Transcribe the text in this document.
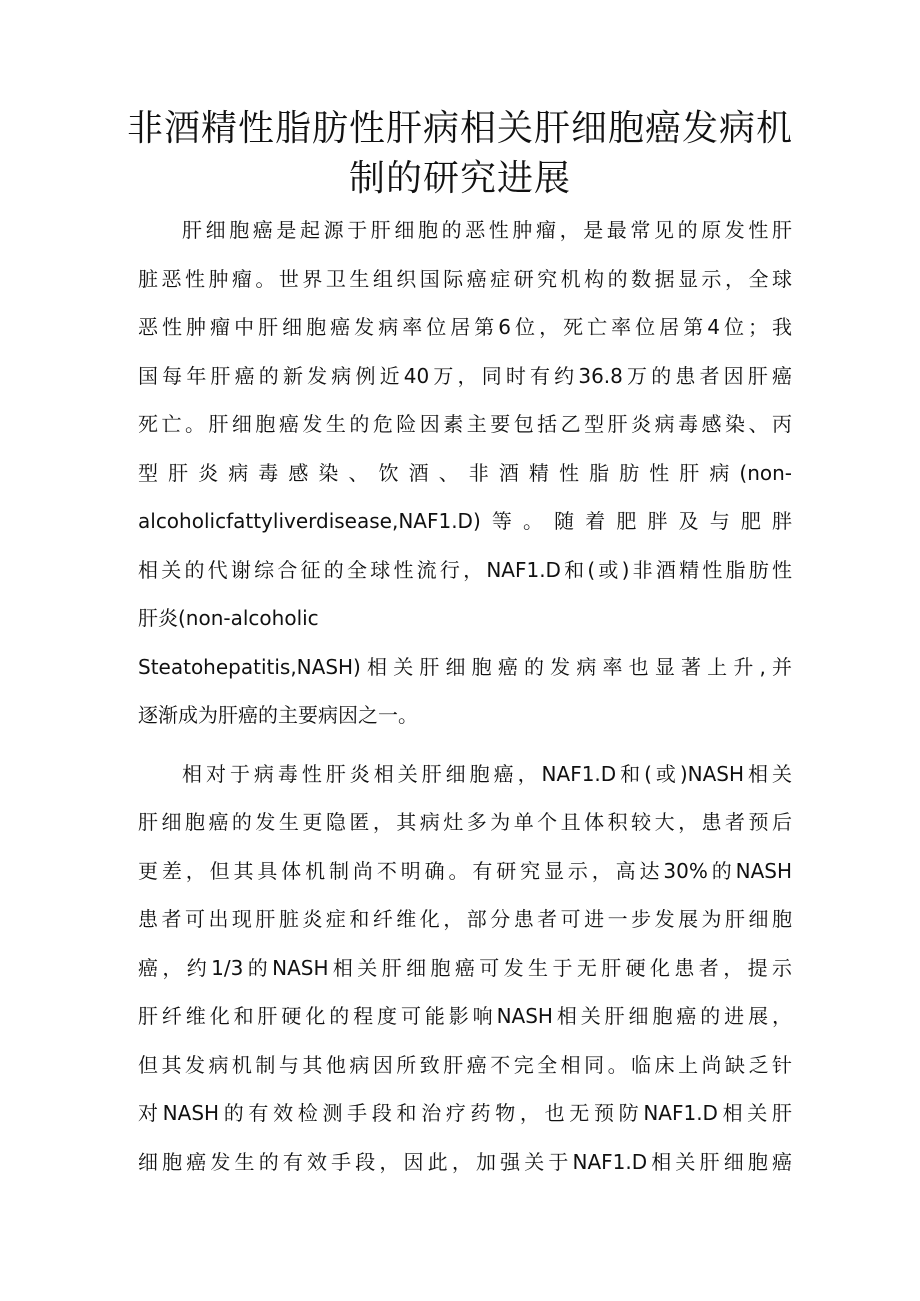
非酒精性脂肪性肝病相关肝细胞癌发病机
制的研究进展
肝细胞癌是起源于肝细胞的恶性肿瘤，是最常见的原发性肝
脏恶性肿瘤。世界卫生组织国际癌症研究机构的数据显示，全球
恶性肿瘤中肝细胞癌发病率位居第6位，死亡率位居第4位；我
国每年肝癌的新发病例近40万，同时有约36.8万的患者因肝癌
死亡。肝细胞癌发生的危险因素主要包括乙型肝炎病毒感染、丙
型肝炎病毒感染、饮酒、非酒精性脂肪性肝病(non-
alcoholicfattyliverdisease,NAF1.D)等。随着肥胖及与肥胖
相关的代谢综合征的全球性流行，NAF1.D和(或)非酒精性脂肪性
肝炎(non-alcoholic
Steatohepatitis,NASH)相关肝细胞癌的发病率也显著上升,并
逐渐成为肝癌的主要病因之一。
相对于病毒性肝炎相关肝细胞癌，NAF1.D和(或)NASH相关
肝细胞癌的发生更隐匿，其病灶多为单个且体积较大，患者预后
更差，但其具体机制尚不明确。有研究显示，高达30%的NASH
患者可出现肝脏炎症和纤维化，部分患者可进一步发展为肝细胞
癌，约1/3的NASH相关肝细胞癌可发生于无肝硬化患者，提示
肝纤维化和肝硬化的程度可能影响NASH相关肝细胞癌的进展，
但其发病机制与其他病因所致肝癌不完全相同。临床上尚缺乏针
对NASH的有效检测手段和治疗药物，也无预防NAF1.D相关肝
细胞癌发生的有效手段，因此，加强关于NAF1.D相关肝细胞癌
